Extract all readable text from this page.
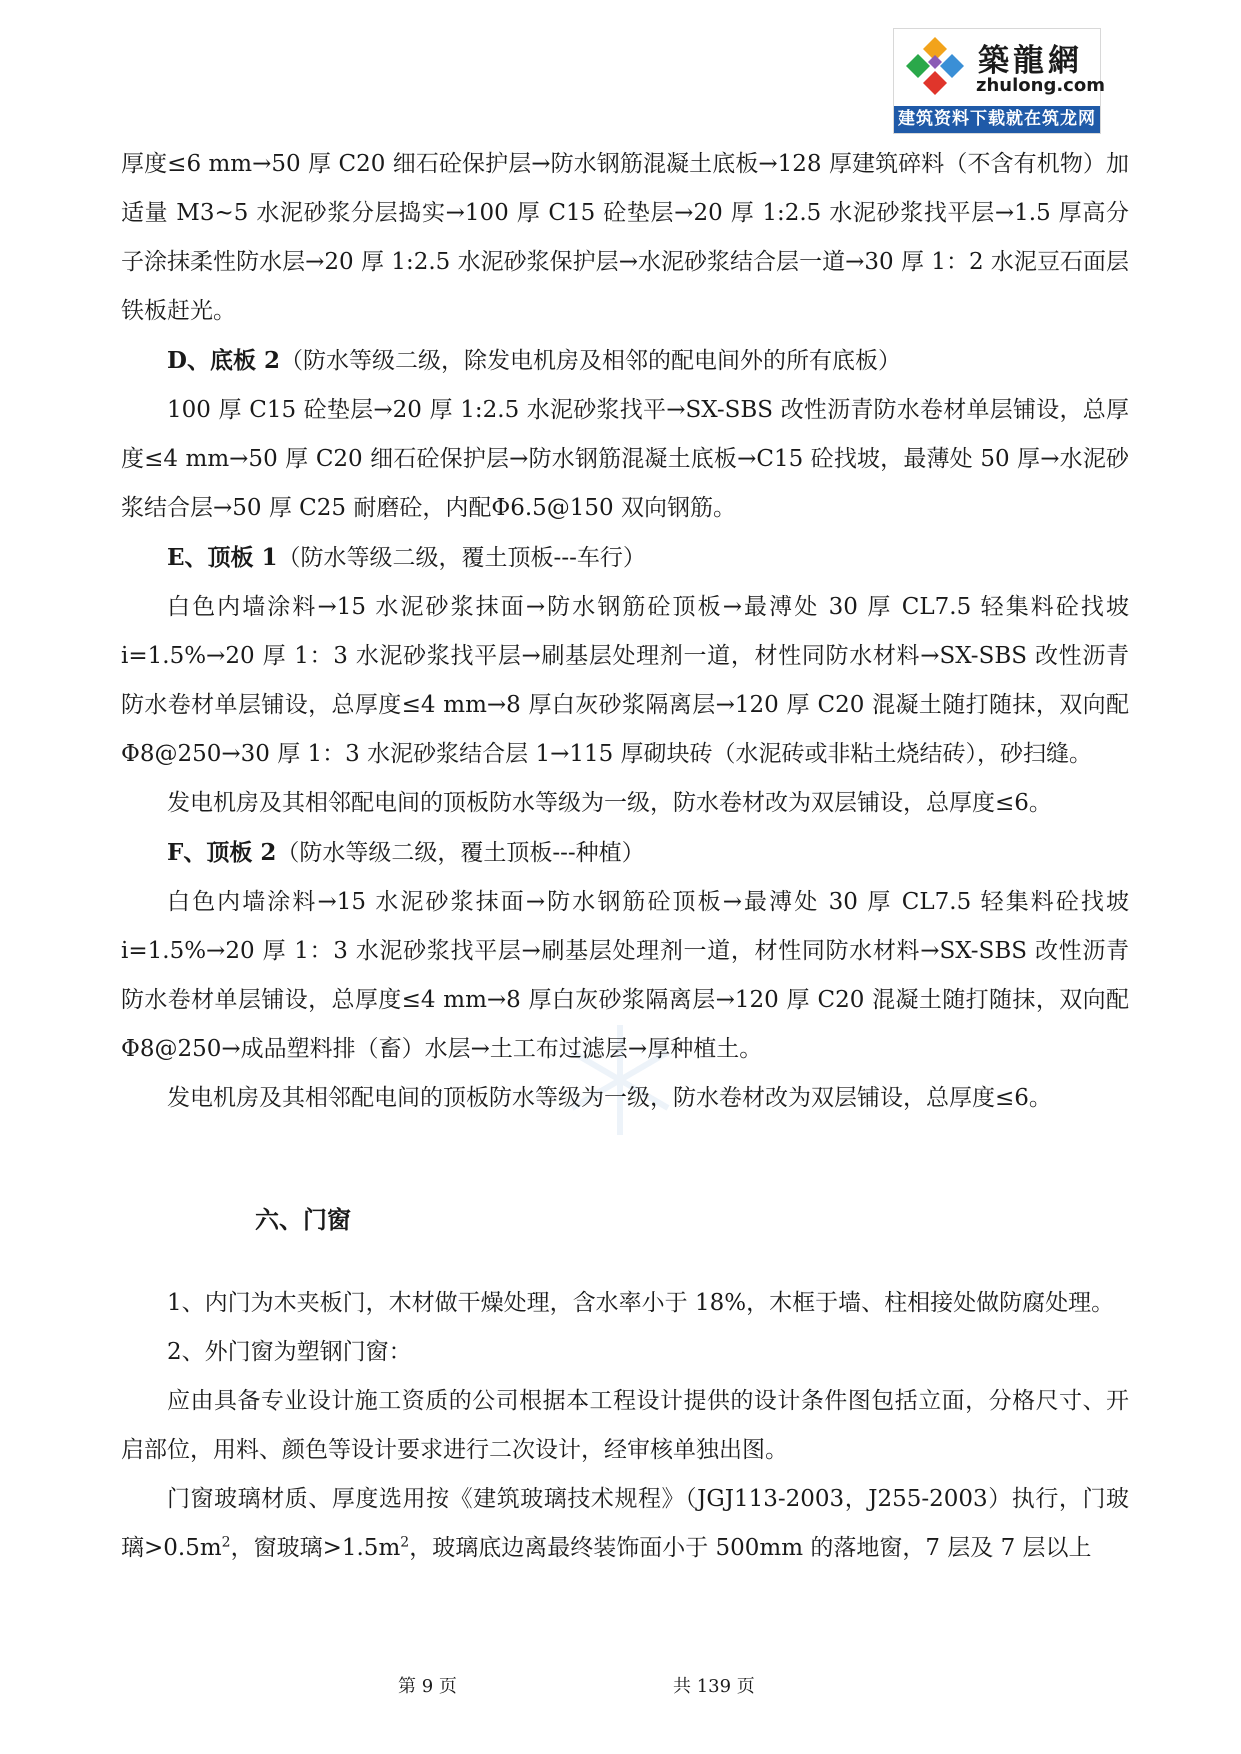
築龍網
zhulong.com
建筑资料下载就在筑龙网

厚度≤6 mm→50 厚 C20 细石砼保护层→防水钢筋混凝土底板→128 厚建筑碎料（不含有机物）加适量 M3~5 水泥砂浆分层捣实→100 厚 C15 砼垫层→20 厚 1:2.5 水泥砂浆找平层→1.5 厚高分子涂抹柔性防水层→20 厚 1:2.5 水泥砂浆保护层→水泥砂浆结合层一道→30 厚 1：2 水泥豆石面层铁板赶光。

D、底板 2（防水等级二级，除发电机房及相邻的配电间外的所有底板）

100 厚 C15 砼垫层→20 厚 1:2.5 水泥砂浆找平→SX-SBS 改性沥青防水卷材单层铺设，总厚度≤4 mm→50 厚 C20 细石砼保护层→防水钢筋混凝土底板→C15 砼找坡，最薄处 50 厚→水泥砂浆结合层→50 厚 C25 耐磨砼，内配Φ6.5@150 双向钢筋。

E、顶板 1（防水等级二级，覆土顶板---车行）

白色内墙涂料→15 水泥砂浆抹面→防水钢筋砼顶板→最溥处 30 厚 CL7.5 轻集料砼找坡 i=1.5%→20 厚 1：3 水泥砂浆找平层→刷基层处理剂一道，材性同防水材料→SX-SBS 改性沥青防水卷材单层铺设，总厚度≤4 mm→8 厚白灰砂浆隔离层→120 厚 C20 混凝土随打随抹，双向配 Φ8@250→30 厚 1：3 水泥砂浆结合层 1→115 厚砌块砖（水泥砖或非粘土烧结砖），砂扫缝。

发电机房及其相邻配电间的顶板防水等级为一级，防水卷材改为双层铺设，总厚度≤6。

F、顶板 2（防水等级二级，覆土顶板---种植）

白色内墙涂料→15 水泥砂浆抹面→防水钢筋砼顶板→最溥处 30 厚 CL7.5 轻集料砼找坡 i=1.5%→20 厚 1：3 水泥砂浆找平层→刷基层处理剂一道，材性同防水材料→SX-SBS 改性沥青防水卷材单层铺设，总厚度≤4 mm→8 厚白灰砂浆隔离层→120 厚 C20 混凝土随打随抹，双向配 Φ8@250→成品塑料排（畜）水层→土工布过滤层→厚种植土。

发电机房及其相邻配电间的顶板防水等级为一级，防水卷材改为双层铺设，总厚度≤6。

六、门窗

1、内门为木夹板门，木材做干燥处理，含水率小于 18%，木框于墙、柱相接处做防腐处理。

2、外门窗为塑钢门窗：

应由具备专业设计施工资质的公司根据本工程设计提供的设计条件图包括立面，分格尺寸、开启部位，用料、颜色等设计要求进行二次设计，经审核单独出图。

门窗玻璃材质、厚度选用按《建筑玻璃技术规程》（JGJ113-2003，J255-2003）执行，门玻璃$>0.5m^2$，窗玻璃$>1.5m^2$，玻璃底边离最终装饰面小于 500mm 的落地窗，7 层及 7 层以上

第 9 页	共 139 页
